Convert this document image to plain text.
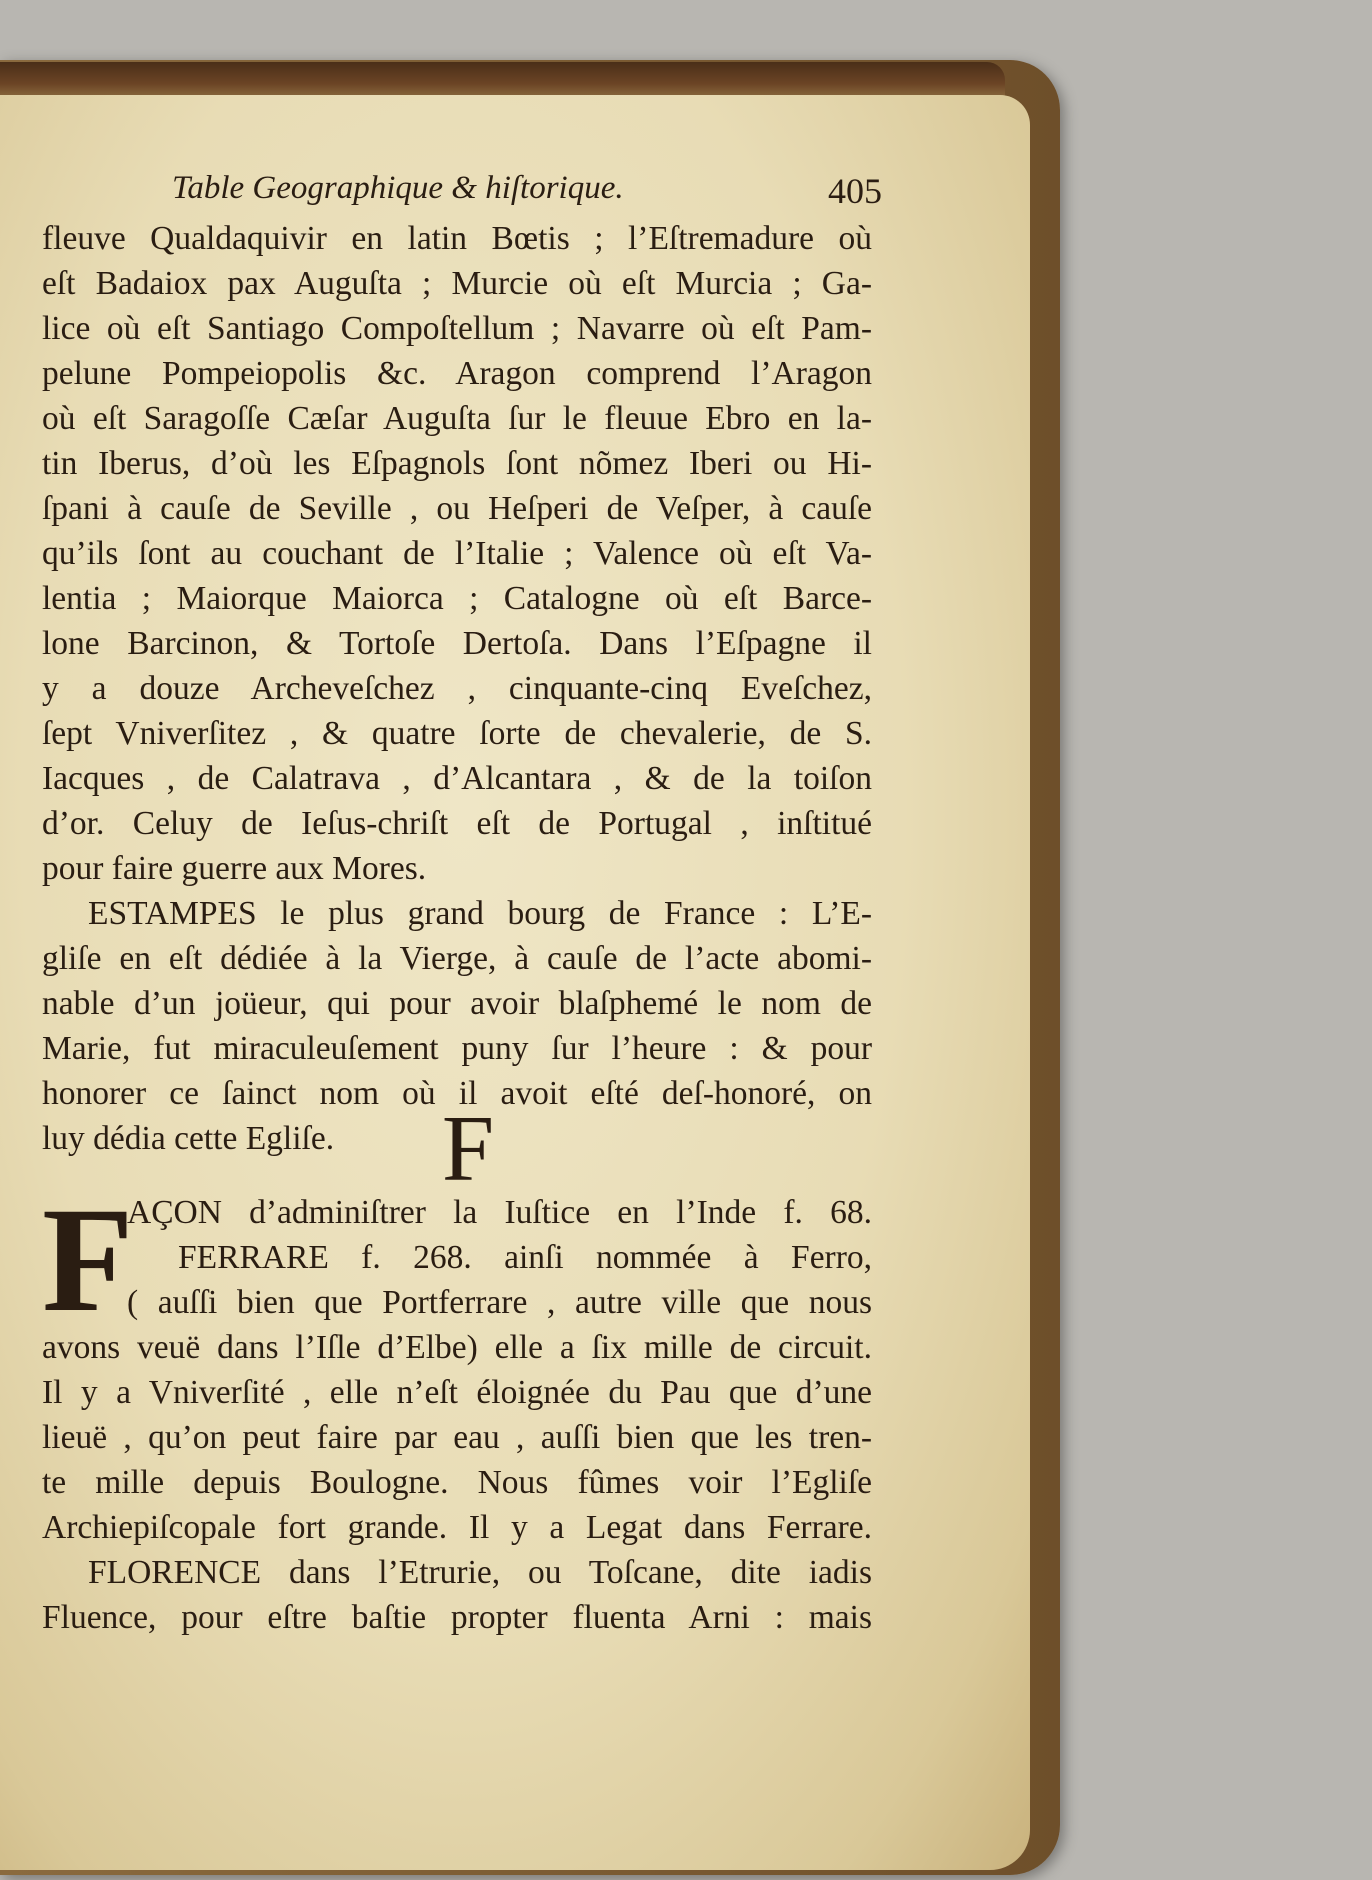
Table Geographique & hiſtorique.	405
fleuve Qualdaquivir en latin Bœtis ; l’Eſtremadure où
eſt Badaiox pax Auguſta ; Murcie où eſt Murcia ; Ga-
lice où eſt Santiago Compoſtellum ; Navarre où eſt Pam-
pelune Pompeiopolis &c. Aragon comprend l’Aragon
où eſt Saragoſſe Cæſar Auguſta ſur le fleuue Ebro en la-
tin Iberus, d’où les Eſpagnols ſont nõmez Iberi ou Hi-
ſpani à cauſe de Seville , ou Heſperi de Veſper, à cauſe
qu’ils ſont au couchant de l’Italie ; Valence où eſt Va-
lentia ; Maiorque Maiorca ; Catalogne où eſt Barce-
lone Barcinon, & Tortoſe Dertoſa. Dans l’Eſpagne il
y a douze Archeveſchez , cinquante-cinq Eveſchez,
ſept Vniverſitez , & quatre ſorte de chevalerie, de S.
Iacques , de Calatrava , d’Alcantara , & de la toiſon
d’or. Celuy de Ieſus-chriſt eſt de Portugal , inſtitué
pour faire guerre aux Mores.
ESTAMPES le plus grand bourg de France : L’E-
gliſe en eſt dédiée à la Vierge, à cauſe de l’acte abomi-
nable d’un joüeur, qui pour avoir blaſphemé le nom de
Marie, fut miraculeuſement puny ſur l’heure : & pour
honorer ce ſainct nom où il avoit eſté deſ-honoré, on
luy dédia cette Egliſe.	F
F
AÇON d’adminiſtrer la Iuſtice en l’Inde f. 68.
FERRARE f. 268. ainſi nommée à Ferro,
( auſſi bien que Portferrare , autre ville que nous
avons veuë dans l’Iſle d’Elbe) elle a ſix mille de circuit.
Il y a Vniverſité , elle n’eſt éloignée du Pau que d’une
lieuë , qu’on peut faire par eau , auſſi bien que les tren-
te mille depuis Boulogne. Nous fûmes voir l’Egliſe
Archiepiſcopale fort grande. Il y a Legat dans Ferrare.
FLORENCE dans l’Etrurie, ou Toſcane, dite iadis
Fluence, pour eſtre baſtie propter fluenta Arni : mais
